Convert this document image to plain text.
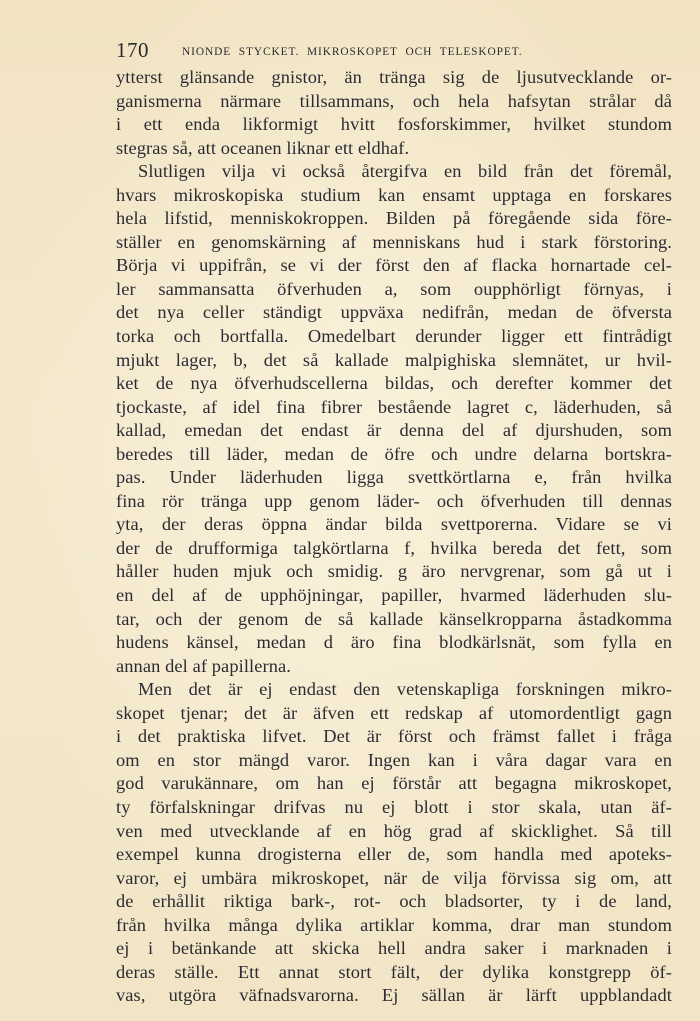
170	NIONDE STYCKET. MIKROSKOPET OCH TELESKOPET.
ytterst glänsande gnistor, än tränga sig de ljusutvecklande or-
ganismerna närmare tillsammans, och hela hafsytan strålar då
i ett enda likformigt hvitt fosforskimmer, hvilket stundom
stegras så, att oceanen liknar ett eldhaf.
Slutligen vilja vi också återgifva en bild från det föremål,
hvars mikroskopiska studium kan ensamt upptaga en forskares
hela lifstid, menniskokroppen. Bilden på föregående sida före-
ställer en genomskärning af menniskans hud i stark förstoring.
Börja vi uppifrån, se vi der först den af flacka hornartade cel-
ler sammansatta öfverhuden a, som oupphörligt förnyas, i
det nya celler ständigt uppväxa nedifrån, medan de öfversta
torka och bortfalla. Omedelbart derunder ligger ett fintrådigt
mjukt lager, b, det så kallade malpighiska slemnätet, ur hvil-
ket de nya öfverhudscellerna bildas, och derefter kommer det
tjockaste, af idel fina fibrer bestående lagret c, läderhuden, så
kallad, emedan det endast är denna del af djurshuden, som
beredes till läder, medan de öfre och undre delarna bortskra-
pas. Under läderhuden ligga svettkörtlarna e, från hvilka
fina rör tränga upp genom läder- och öfverhuden till dennas
yta, der deras öppna ändar bilda svettporerna. Vidare se vi
der de drufformiga talgkörtlarna f, hvilka bereda det fett, som
håller huden mjuk och smidig. g äro nervgrenar, som gå ut i
en del af de upphöjningar, papiller, hvarmed läderhuden slu-
tar, och der genom de så kallade känselkropparna åstadkomma
hudens känsel, medan d äro fina blodkärlsnät, som fylla en
annan del af papillerna.
Men det är ej endast den vetenskapliga forskningen mikro-
skopet tjenar; det är äfven ett redskap af utomordentligt gagn
i det praktiska lifvet. Det är först och främst fallet i fråga
om en stor mängd varor. Ingen kan i våra dagar vara en
god varukännare, om han ej förstår att begagna mikroskopet,
ty förfalskningar drifvas nu ej blott i stor skala, utan äf-
ven med utvecklande af en hög grad af skicklighet. Så till
exempel kunna drogisterna eller de, som handla med apoteks-
varor, ej umbära mikroskopet, när de vilja förvissa sig om, att
de erhållit riktiga bark-, rot- och bladsorter, ty i de land,
från hvilka många dylika artiklar komma, drar man stundom
ej i betänkande att skicka hell andra saker i marknaden i
deras ställe. Ett annat stort fält, der dylika konstgrepp öf-
vas, utgöra väfnadsvarorna. Ej sällan är lärft uppblandadt
